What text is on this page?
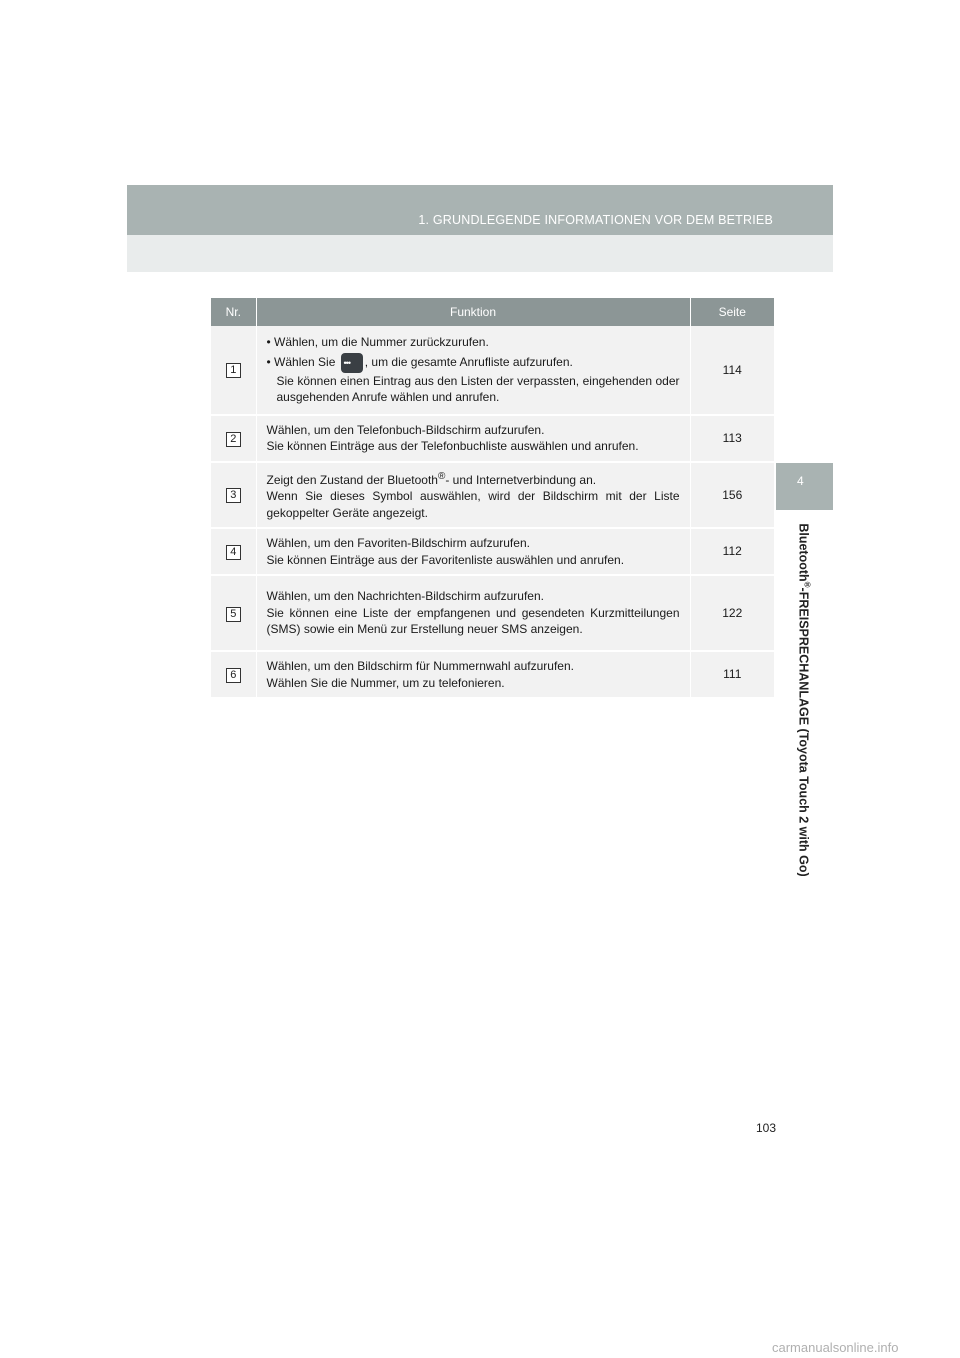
1. GRUNDLEGENDE INFORMATIONEN VOR DEM BETRIEB
4
Bluetooth®-FREISPRECHANLAGE (Toyota Touch 2 with Go)
Nr.	Funktion	Seite
1	• Wählen, um die Nummer zurückzurufen.
• Wählen Sie ••• , um die gesamte Anrufliste aufzurufen.
Sie können einen Eintrag aus den Listen der verpassten, eingehenden oder ausgehenden Anrufe wählen und anrufen.	114
2	Wählen, um den Telefonbuch-Bildschirm aufzurufen.
Sie können Einträge aus der Telefonbuchliste auswählen und anrufen.	113
3	Zeigt den Zustand der Bluetooth®- und Internetverbindung an.
Wenn Sie dieses Symbol auswählen, wird der Bildschirm mit der Liste gekoppelter Geräte angezeigt.	156
4	Wählen, um den Favoriten-Bildschirm aufzurufen.
Sie können Einträge aus der Favoritenliste auswählen und anrufen.	112
5	Wählen, um den Nachrichten-Bildschirm aufzurufen.
Sie können eine Liste der empfangenen und gesendeten Kurzmitteilungen (SMS) sowie ein Menü zur Erstellung neuer SMS anzeigen.	122
6	Wählen, um den Bildschirm für Nummernwahl aufzurufen.
Wählen Sie die Nummer, um zu telefonieren.	111
103
carmanualsonline.info
